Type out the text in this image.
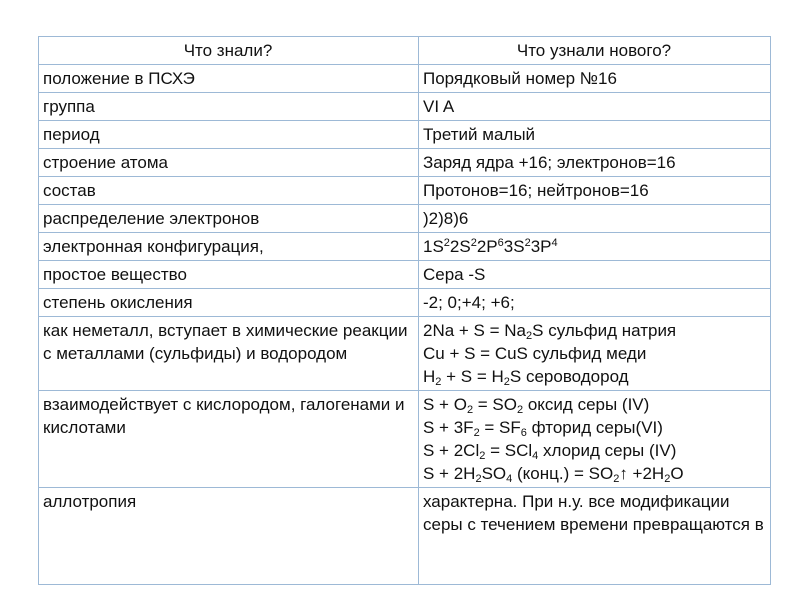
Что знали?	Что узнали нового?
положение в ПСХЭ	Порядковый номер №16
группа	VI A
период	Третий малый
строение атома	Заряд ядра +16; электронов=16
состав	Протонов=16; нейтронов=16
распределение электронов	)2)8)6
электронная конфигурация,	$1S^22S^22P^63S^23P^4$
простое вещество	Сера -S
степень окисления	-2; 0;+4; +6;
как неметалл, вступает в химические реакции с металлами (сульфиды) и водородом	$2Na + S = Na_2S$ сульфид натрия
Cu + S = CuS сульфид меди
$H_2 + S = H_2S$ сероводород

взаимодействует с кислородом, галогенами и кислотами	$S + O_2 = SO_2$ оксид серы (IV)
$S + 3F_2 = SF_6$ фторид серы(VI)
$S + 2Cl_2 = SCl_4$ хлорид серы (IV)
$S + 2H_2SO_4$ (конц.) = $SO_2↑ +2H_2O$

аллотропия	характерна. При н.у. все модификации серы с течением времени превращаются в
